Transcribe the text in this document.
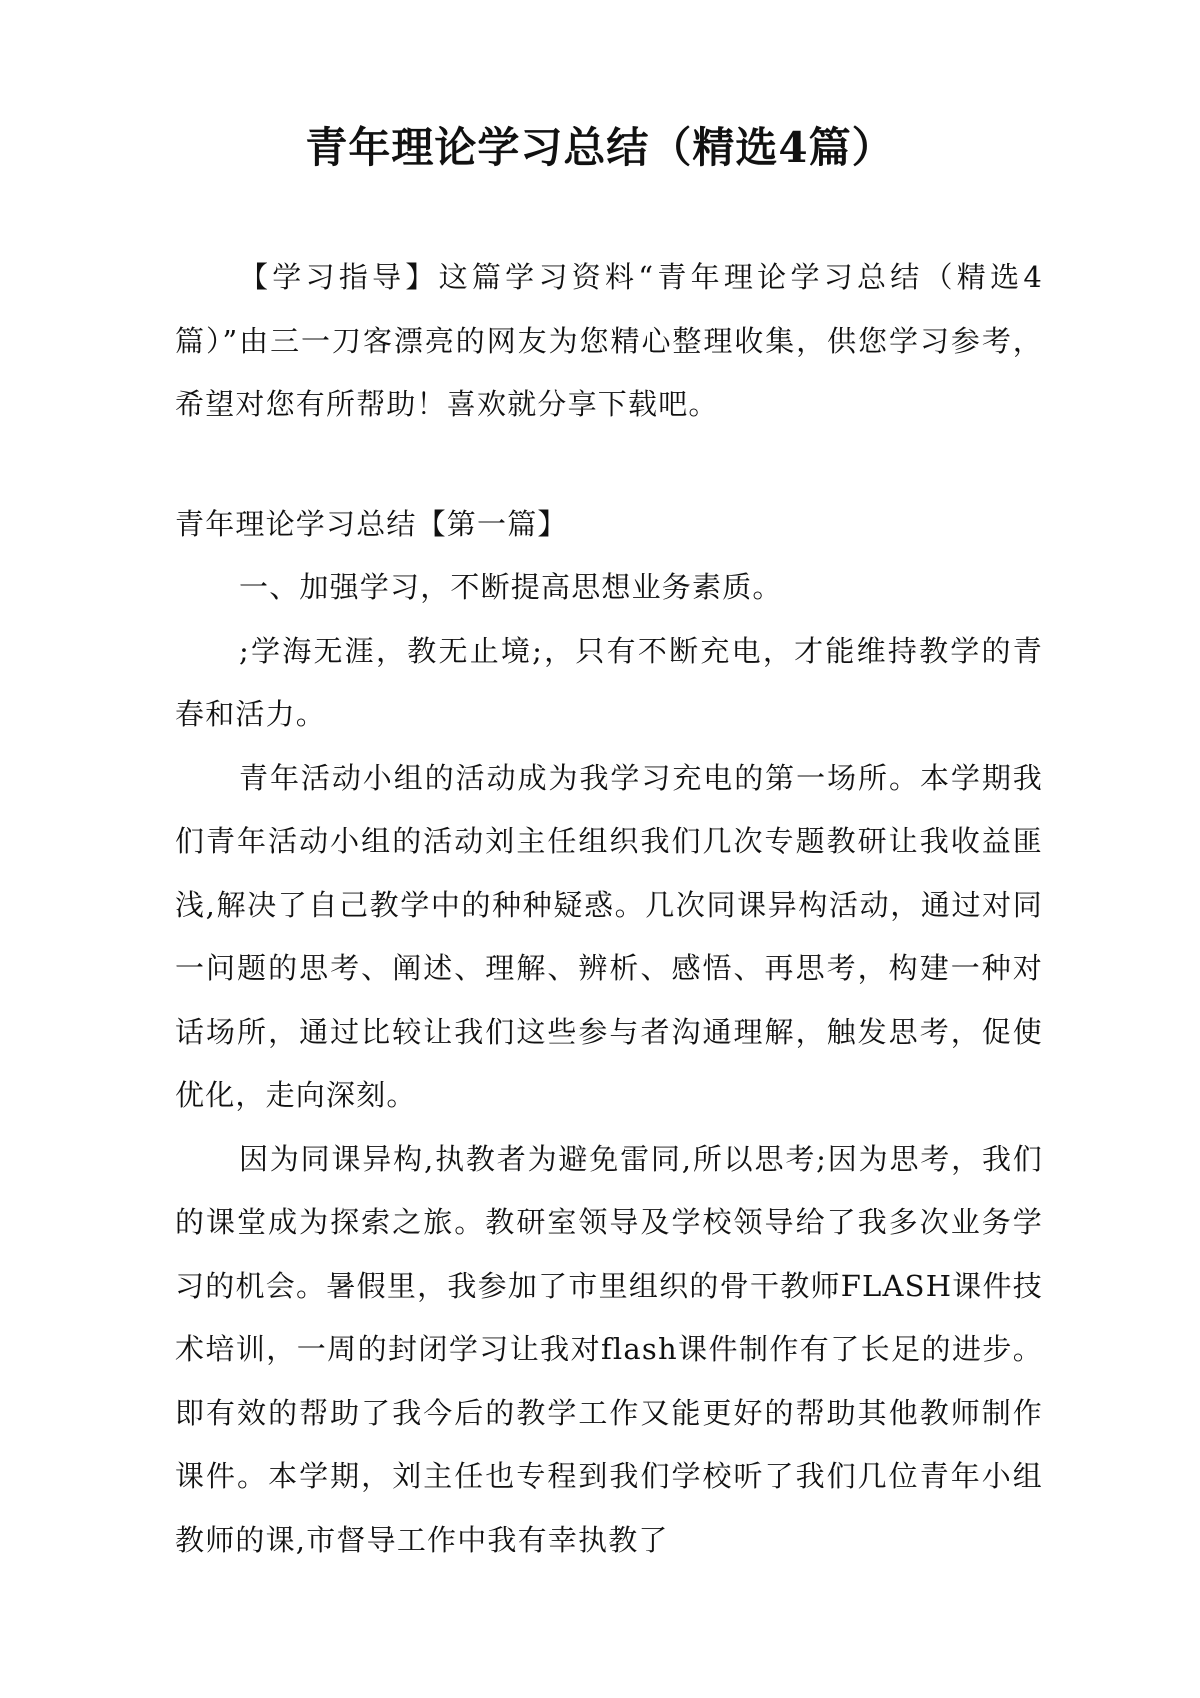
青年理论学习总结（精选4篇）

【学习指导】这篇学习资料“青年理论学习总结（精选4篇）”由三一刀客漂亮的网友为您精心整理收集，供您学习参考，希望对您有所帮助！喜欢就分享下载吧。

青年理论学习总结【第一篇】

一、加强学习，不断提高思想业务素质。

;学海无涯，教无止境;，只有不断充电，才能维持教学的青春和活力。

青年活动小组的活动成为我学习充电的第一场所。本学期我们青年活动小组的活动刘主任组织我们几次专题教研让我收益匪浅,解决了自己教学中的种种疑惑。几次同课异构活动，通过对同一问题的思考、阐述、理解、辨析、感悟、再思考，构建一种对话场所，通过比较让我们这些参与者沟通理解，触发思考，促使优化，走向深刻。

因为同课异构,执教者为避免雷同,所以思考;因为思考，我们的课堂成为探索之旅。教研室领导及学校领导给了我多次业务学习的机会。暑假里，我参加了市里组织的骨干教师FLASH课件技术培训，一周的封闭学习让我对flash课件制作有了长足的进步。即有效的帮助了我今后的教学工作又能更好的帮助其他教师制作课件。本学期，刘主任也专程到我们学校听了我们几位青年小组教师的课,市督导工作中我有幸执教了
